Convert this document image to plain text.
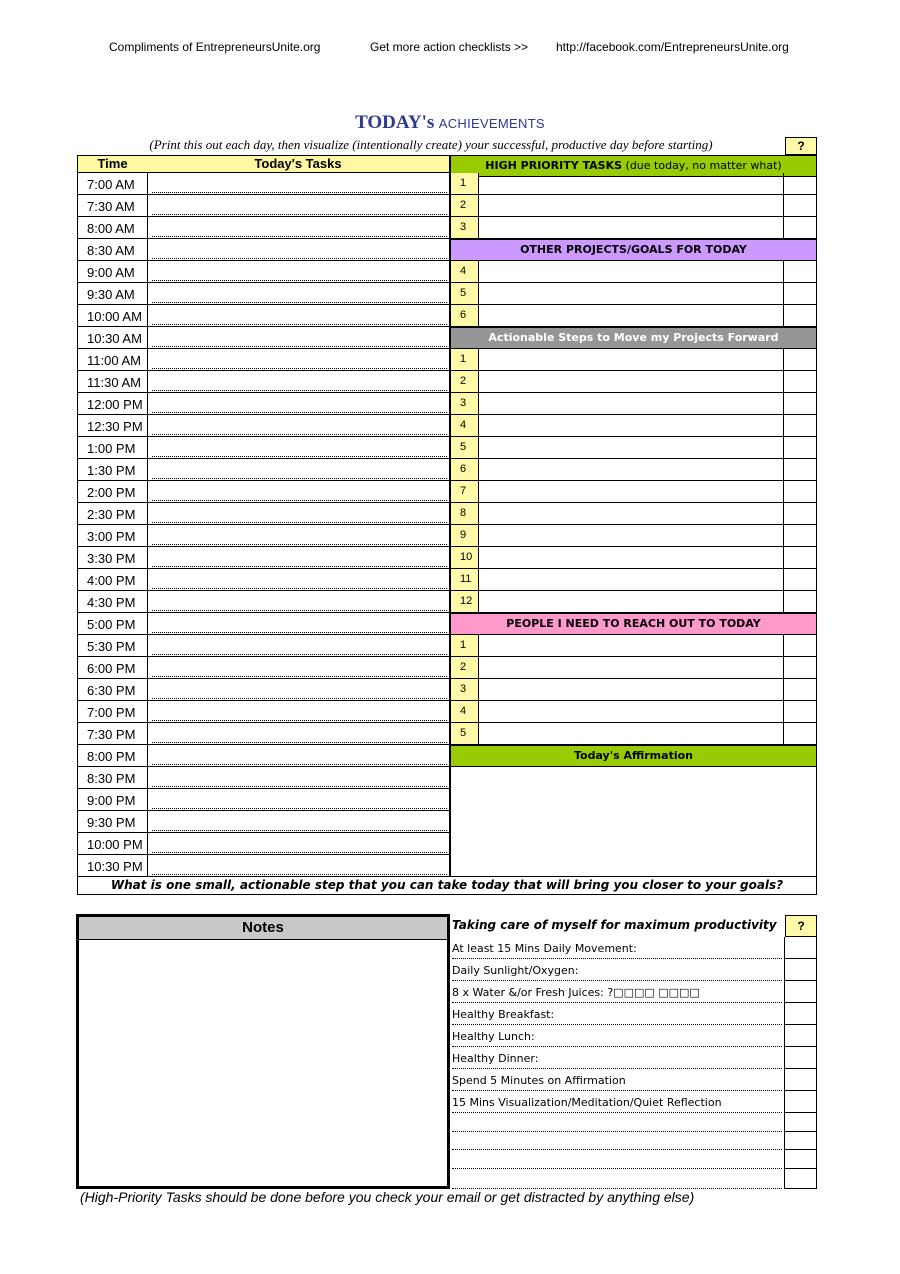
Compliments of EntrepreneursUnite.org	Get more action checklists >> http://facebook.com/EntrepreneursUnite.org
TODAY's ACHIEVEMENTS
(Print this out each day, then visualize (intentionally create) your successful, productive day before starting)	?
Time	Today's Tasks
7:00 AM
7:30 AM
8:00 AM
8:30 AM
9:00 AM
9:30 AM
10:00 AM
10:30 AM
11:00 AM
11:30 AM
12:00 PM
12:30 PM
1:00 PM
1:30 PM
2:00 PM
2:30 PM
3:00 PM
3:30 PM
4:00 PM
4:30 PM
5:00 PM
5:30 PM
6:00 PM
6:30 PM
7:00 PM
7:30 PM
8:00 PM
8:30 PM
9:00 PM
9:30 PM
10:00 PM
10:30 PM
HIGH PRIORITY TASKS (due today, no matter what)
1
2
3
OTHER PROJECTS/GOALS FOR TODAY
4
5
6
Actionable Steps to Move my Projects Forward
1
2
3
4
5
6
7
8
9
10
11
12
PEOPLE I NEED TO REACH OUT TO TODAY
1
2
3
4
5
Today's Affirmation
What is one small, actionable step that you can take today that will bring you closer to your goals?
Notes	Taking care of myself for maximum productivity	?
At least 15 Mins Daily Movement:
Daily Sunlight/Oxygen:
8 x Water &/or Fresh Juices: ?□□□□ □□□□
Healthy Breakfast:
Healthy Lunch:
Healthy Dinner:
Spend 5 Minutes on Affirmation
15 Mins Visualization/Meditation/Quiet Reflection
(High-Priority Tasks should be done before you check your email or get distracted by anything else)
